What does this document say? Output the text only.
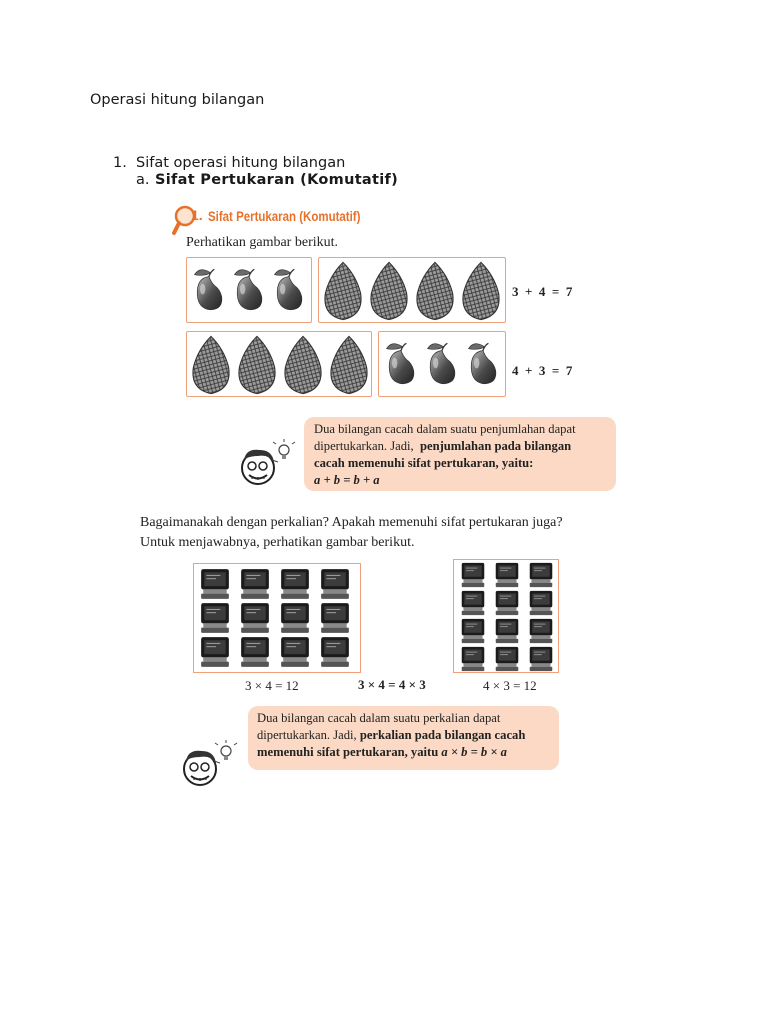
Operasi hitung bilangan
1. Sifat operasi hitung bilangan
a. Sifat Pertukaran (Komutatif)
1. Sifat Pertukaran (Komutatif)
Perhatikan gambar berikut.
3  +  4  =  7
4  +  3  =  7
Dua bilangan cacah dalam suatu penjumlahan dapat
dipertukarkan. Jadi, penjumlahan pada bilangan
cacah memenuhi sifat pertukaran, yaitu:
a + b = b + a
Bagaimanakah dengan perkalian? Apakah memenuhi sifat pertukaran juga?
Untuk menjawabnya, perhatikan gambar berikut.
3 × 4 = 12	3 × 4 = 4 × 3	4 × 3 = 12
Dua bilangan cacah dalam suatu perkalian dapat
dipertukarkan. Jadi, perkalian pada bilangan cacah
memenuhi sifat pertukaran, yaitu a × b = b × a
